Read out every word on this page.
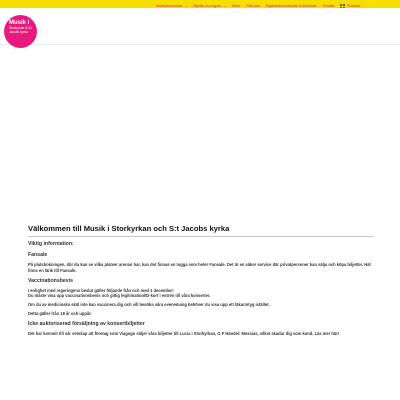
Musikverksamhet ⌄ Biljetter & program ⌄ Körer Stöd oss Organisationsmusiker & körledare Kontakt	Svenska
Musik i
Storkyrkan & S:t Jacobs kyrka
Välkommen till Musik i Storkyrkan och S:t Jacobs kyrka
Viktig information:
Fansale

På platsbokningen, där du kan se vilka platser arenan har, kan det finnas en logga som heter Fansale. Det är en säker service där privatpersoner kan sälja och köpa biljetter. Här finns en länk till Fansale.

Vaccinationsbevis

I enlighet med regeringens beslut gäller följande från och med 1 december:
Du måste visa upp vaccinationsbevis och giltig legitimation/ID-kort i entrén till våra konserter.

Om du av medicinska skäl inte kan vaccinera dig och vill besöka våra evenemang behöver du visa upp ett läkarintyg istället.

Detta gäller från 18 år och uppåt.

Icke auktoriserad försäljning av konsertbiljetter

Det har kommit till vår vetskap att företag som Viagogo säljer våra biljetter till Lucia i Storkyrkan, G F Händel: Messias, vilket skadar dig som kund. Läs mer här!
